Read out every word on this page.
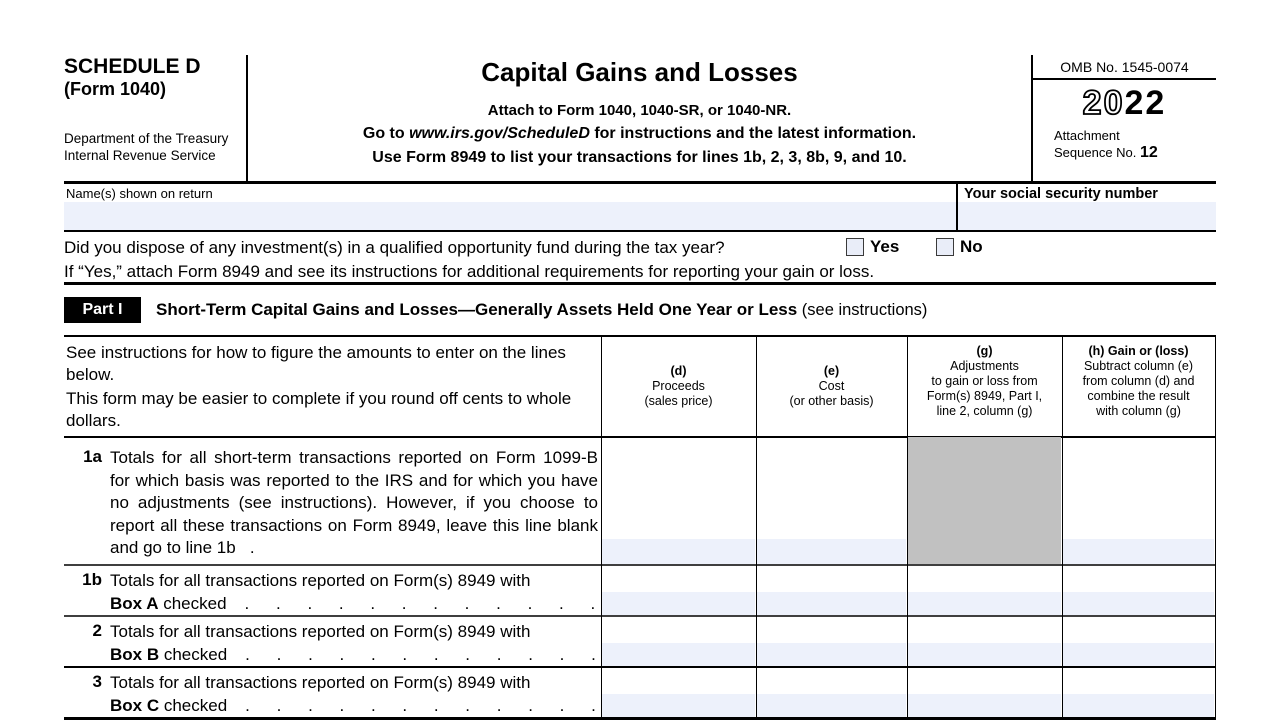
SCHEDULE D
(Form 1040)
Department of the Treasury
Internal Revenue Service
Capital Gains and Losses
Attach to Form 1040, 1040-SR, or 1040-NR.
Go to www.irs.gov/ScheduleD for instructions and the latest information.
Use Form 8949 to list your transactions for lines 1b, 2, 3, 8b, 9, and 10.
OMB No. 1545-0074
2022
Attachment
Sequence No. 12
Name(s) shown on return	Your social security number
Did you dispose of any investment(s) in a qualified opportunity fund during the tax year?	Yes	No
If “Yes,” attach Form 8949 and see its instructions for additional requirements for reporting your gain or loss.
Part I	Short-Term Capital Gains and Losses—Generally Assets Held One Year or Less (see instructions)
See instructions for how to figure the amounts to enter on the lines below.
This form may be easier to complete if you round off cents to whole dollars.
(d)
Proceeds
(sales price)
(e)
Cost
(or other basis)
(g)
Adjustments
to gain or loss from
Form(s) 8949, Part I,
line 2, column (g)
(h) Gain or (loss)
Subtract column (e)
from column (d) and
combine the result
with column (g)
1a Totals for all short-term transactions reported on Form 1099-B for which basis was reported to the IRS and for which you have no adjustments (see instructions). However, if you choose to report all these transactions on Form 8949, leave this line blank and go to line 1b   .
1b Totals for all transactions reported on Form(s) 8949 with
Box A checked . . . . . . . . . . . .
2 Totals for all transactions reported on Form(s) 8949 with
Box B checked . . . . . . . . . . . .
3 Totals for all transactions reported on Form(s) 8949 with
Box C checked . . . . . . . . . . . .
